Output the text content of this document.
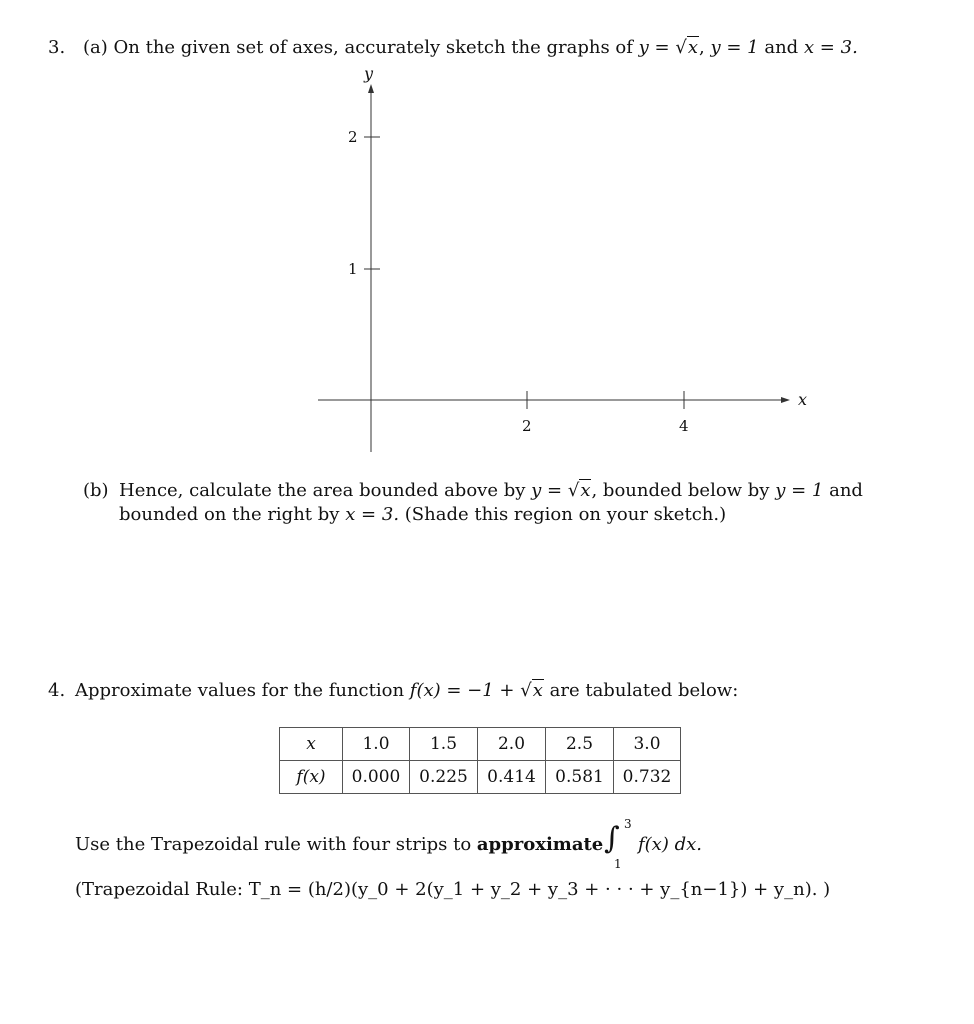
3. (a) On the given set of axes, accurately sketch the graphs of y = √x, y = 1 and x = 3.
y
x
2
1
2	4
(b) Hence, calculate the area bounded above by y = √x, bounded below by y = 1 and
bounded on the right by x = 3. (Shade this region on your sketch.)
4. Approximate values for the function f(x) = −1 + √x are tabulated below:
x	1.0	1.5	2.0	2.5	3.0
f(x)	0.000	0.225	0.414	0.581	0.732
Use the Trapezoidal rule with four strips to approximate ∫ 3
1
f(x) dx.
(Trapezoidal Rule: T_n = (h/2)(y_0 + 2(y_1 + y_2 + y_3 + · · · + y_{n−1}) + y_n). )
